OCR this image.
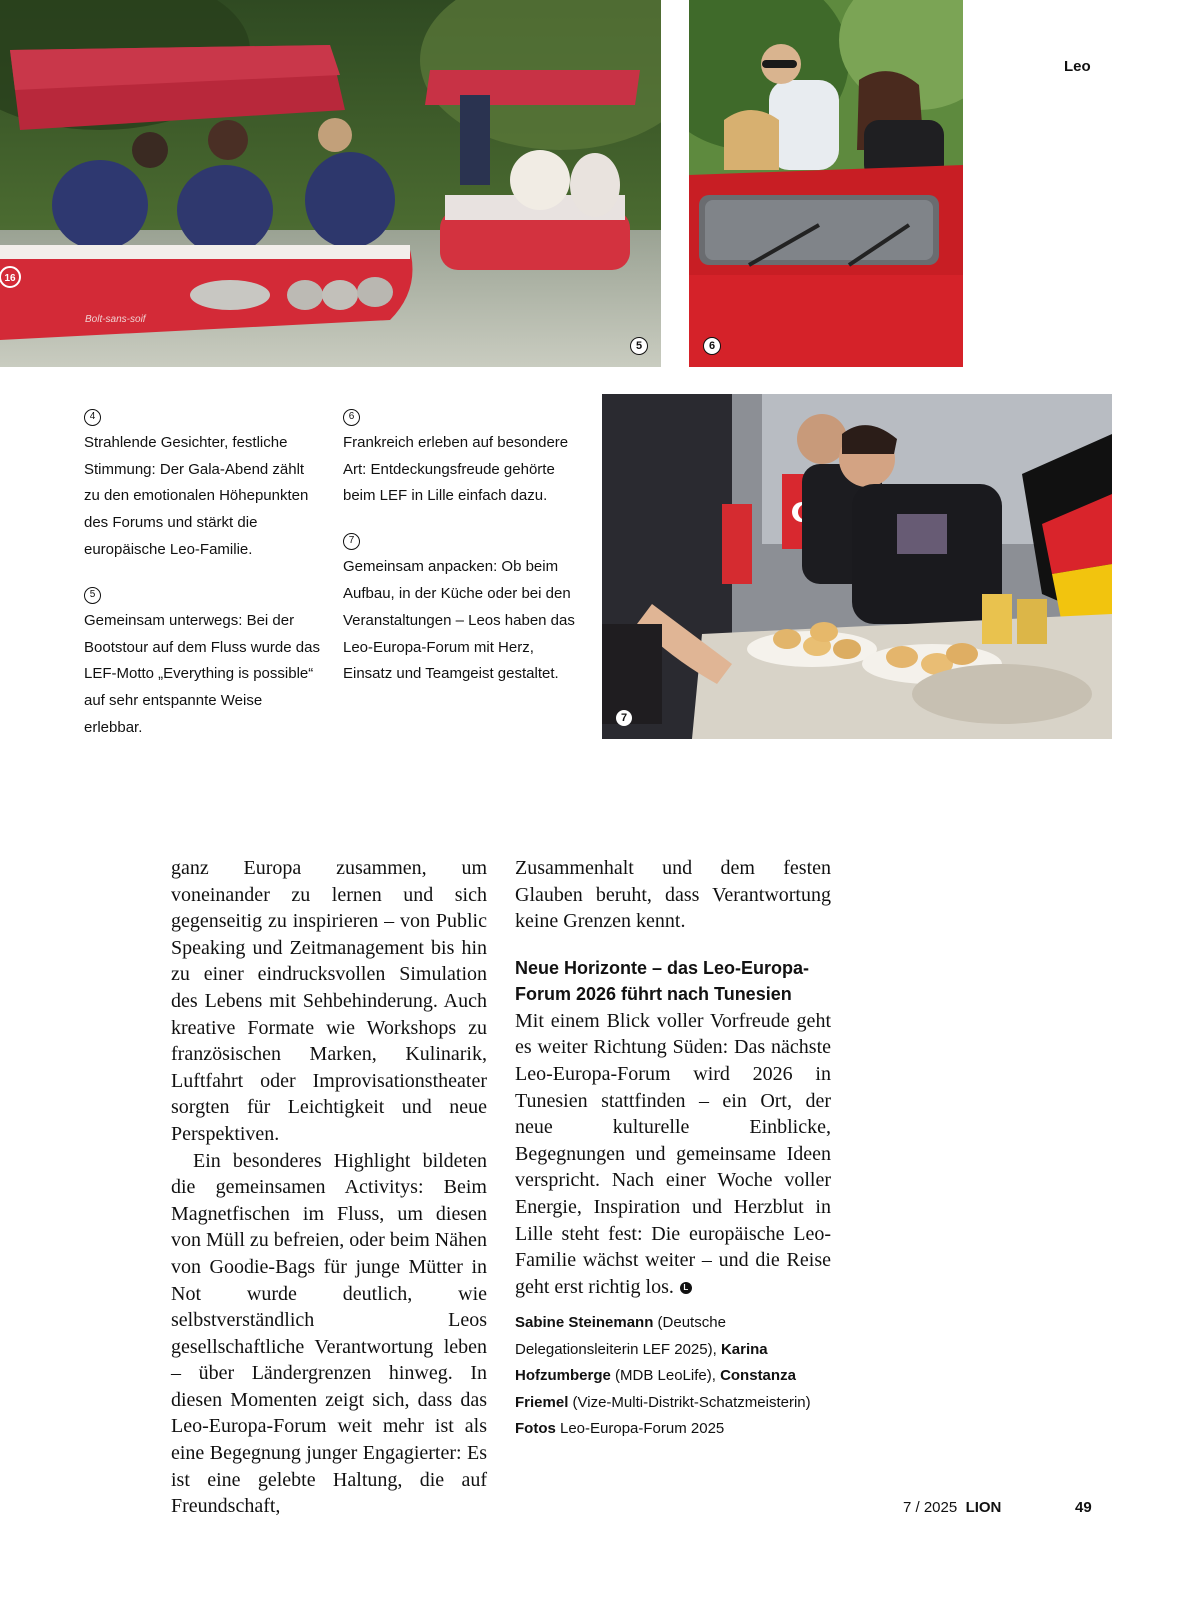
16
Bolt-sans-soif
5	6
Leo
4
Strahlende Gesichter, festliche Stimmung: Der Gala-Abend zählt zu den emotionalen Höhepunkten des Forums und stärkt die europäische Leo-Familie.
5
Gemeinsam unterwegs: Bei der Bootstour auf dem Fluss wurde das LEF-Motto „Everything is possible“ auf sehr entspannte Weise erlebbar.
6
Frankreich erleben auf besondere Art: Entdeckungsfreude gehörte beim LEF in Lille einfach dazu.
7
Gemeinsam anpacken: Ob beim Aufbau, in der Küche oder bei den Veranstaltungen – Leos haben das Leo-Europa-Forum mit Herz, Einsatz und Teamgeist gestaltet.
7

ganz Europa zusammen, um voneinander zu lernen und sich gegenseitig zu inspirieren – von Public Speaking und Zeitmanagement bis hin zu einer eindrucksvollen Simulation des Lebens mit Sehbehinderung. Auch kreative Formate wie Workshops zu französischen Marken, Kulinarik, Luftfahrt oder Improvisationstheater sorgten für Leichtigkeit und neue Perspektiven.

Ein besonderes Highlight bildeten die gemeinsamen Activitys: Beim Magnetfischen im Fluss, um diesen von Müll zu befreien, oder beim Nähen von Goodie-Bags für junge Mütter in Not wurde deutlich, wie selbstverständlich Leos gesellschaftliche Verantwortung leben – über Ländergrenzen hinweg. In diesen Momenten zeigt sich, dass das Leo-Europa-Forum weit mehr ist als eine Begegnung junger Engagierter: Es ist eine gelebte Haltung, die auf Freundschaft,

Zusammenhalt und dem festen Glauben beruht, dass Verantwortung keine Grenzen kennt.

Neue Horizonte – das Leo-Europa-Forum 2026 führt nach Tunesien

Mit einem Blick voller Vorfreude geht es weiter Richtung Süden: Das nächste Leo-Europa-Forum wird 2026 in Tunesien stattfinden – ein Ort, der neue kulturelle Einblicke, Begegnungen und gemeinsame Ideen verspricht. Nach einer Woche voller Energie, Inspiration und Herzblut in Lille steht fest: Die europäische Leo-Familie wächst weiter – und die Reise geht erst richtig los. L

Sabine Steinemann (Deutsche Delegationsleiterin LEF 2025), Karina Hofzumberge (MDB LeoLife), Constanza Friemel (Vize-Multi-Distrikt-Schatzmeisterin)
Fotos Leo-Europa-Forum 2025
7 / 2025 LION	49
